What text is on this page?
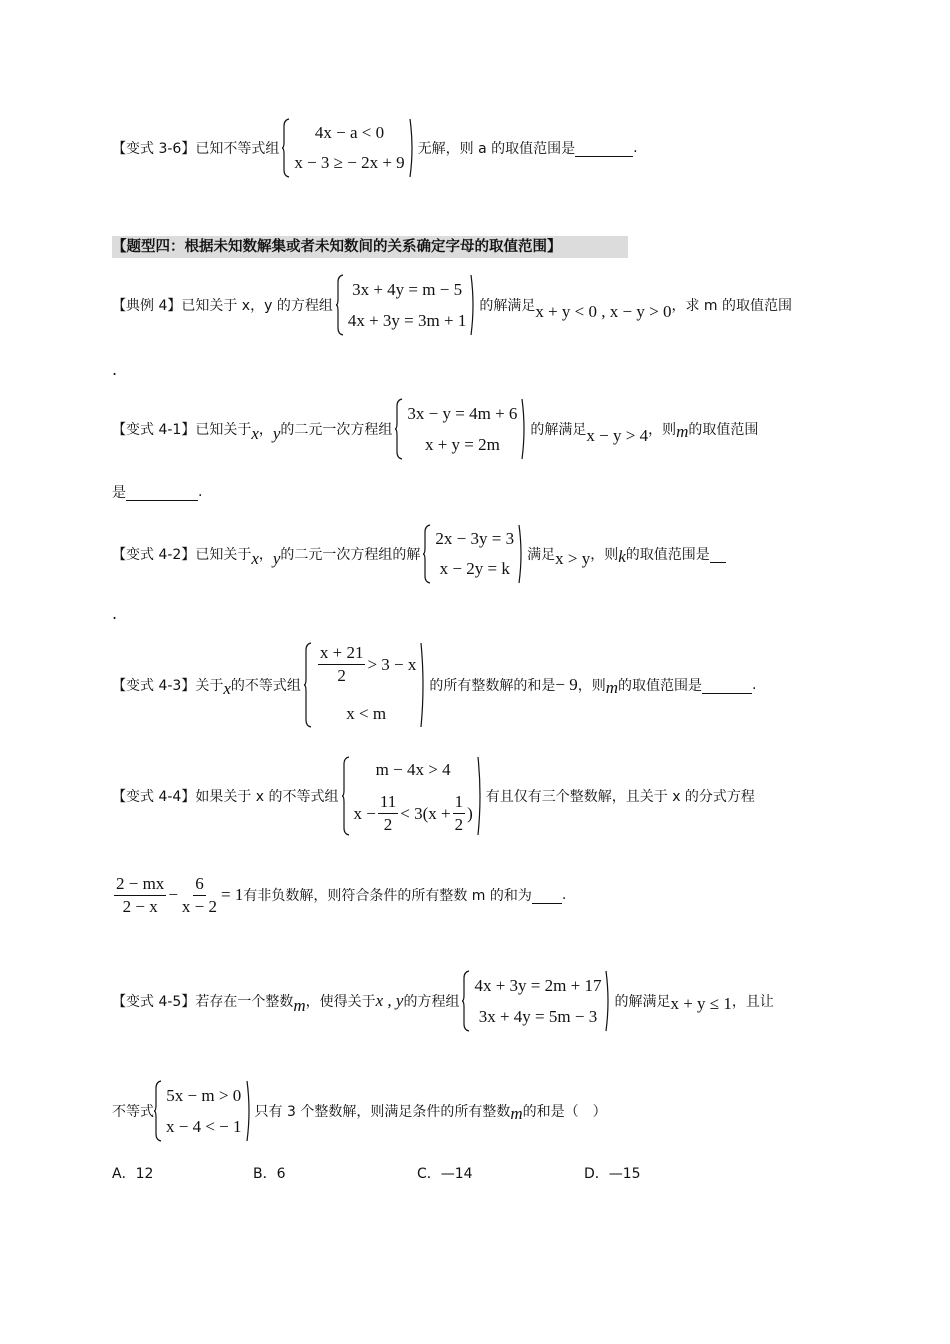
【变式 3-6】 已知不等式组
4x − a < 0
x − 3 ≥ − 2x + 9
无解，则 a 的取值范围是	.
【题型四：根据未知数解集或者未知数间的关系确定字母的取值范围】
【典例 4】 已知关于 x，y 的方程组
3x + 4y = m − 5
4x + 3y = 3m + 1
的解满足 x + y < 0 , x − y > 0 ，求 m 的取值范围
.
【变式 4-1】 已知关于 x ， y 的二元一次方程组
3x − y = 4m + 6
x + y = 2m
的解满足 x − y > 4 ，则 m 的取值范围
是	.
【变式 4-2】 已知关于 x ， y 的二元一次方程组的解
2x − 3y = 3
x − 2y = k
满足 x > y ，则 k 的取值范围是
.
【变式 4-3】 关于 x 的不等式组 $\frac{x + 21}{2} > 3 - x$
x < m
的所有整数解的和是 − 9 ，则 m 的取值范围是	.
【变式 4-4】 如果关于 x 的不等式组
m − 4x > 4
$x - \frac{11}{2} < 3(x + \frac{1}{2}$ )
有且仅有三个整数解，且关于 x 的分式方程
$\frac{2 - mx}{2 - x} - \frac{6}{x - 2} = 1$ 有非负数解，则符合条件的所有整数 m 的和为 .
【变式 4-5】 若存在一个整数 m ，使得关于 x , y 的方程组
4x + 3y = 2m + 17
3x + 4y = 5m − 3
的解满足 x + y ≤ 1 ，且让
不等式
5x − m > 0
x − 4 < − 1
只有 3 个整数解，则满足条件的所有整数 m 的和是（　）
A．12	B．6	C．—14	D．—15
